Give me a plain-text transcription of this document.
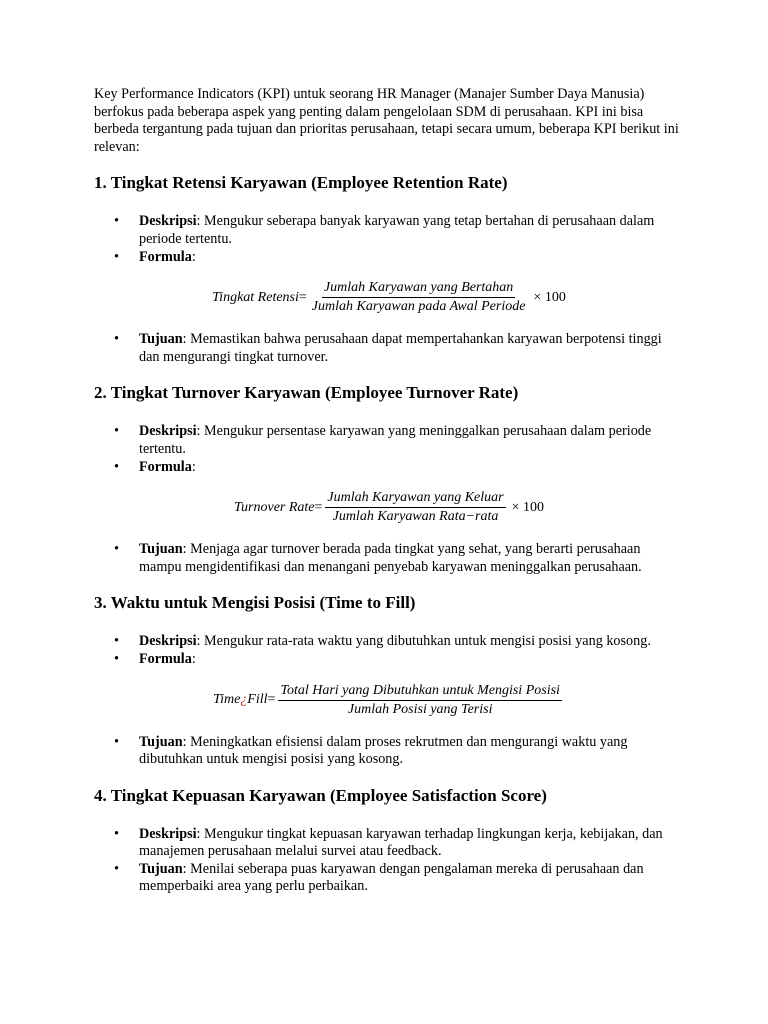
Key Performance Indicators (KPI) untuk seorang HR Manager (Manajer Sumber Daya Manusia) berfokus pada beberapa aspek yang penting dalam pengelolaan SDM di perusahaan. KPI ini bisa berbeda tergantung pada tujuan dan prioritas perusahaan, tetapi secara umum, beberapa KPI berikut ini relevan:

1. Tingkat Retensi Karyawan (Employee Retention Rate)
• Deskripsi: Mengukur seberapa banyak karyawan yang tetap bertahan di perusahaan dalam periode tertentu.
• Formula:
Tingkat Retensi = $\frac{\text{Jumlah Karyawan yang Bertahan}}{\text{Jumlah Karyawan pada Awal Periode}} \times 100$
• Tujuan: Memastikan bahwa perusahaan dapat mempertahankan karyawan berpotensi tinggi dan mengurangi tingkat turnover.
2. Tingkat Turnover Karyawan (Employee Turnover Rate)
• Deskripsi: Mengukur persentase karyawan yang meninggalkan perusahaan dalam periode tertentu.
• Formula:
Turnover Rate = $\frac{\text{Jumlah Karyawan yang Keluar}}{\text{Jumlah Karyawan Rata−rata}} \times 100$
• Tujuan: Menjaga agar turnover berada pada tingkat yang sehat, yang berarti perusahaan mampu mengidentifikasi dan menangani penyebab karyawan meninggalkan perusahaan.
3. Waktu untuk Mengisi Posisi (Time to Fill)
• Deskripsi: Mengukur rata-rata waktu yang dibutuhkan untuk mengisi posisi yang kosong.
• Formula:
Time ¿ Fill = $\frac{\text{Total Hari yang Dibutuhkan untuk Mengisi Posisi}}{\text{Jumlah Posisi yang Terisi}}$
• Tujuan: Meningkatkan efisiensi dalam proses rekrutmen dan mengurangi waktu yang dibutuhkan untuk mengisi posisi yang kosong.
4. Tingkat Kepuasan Karyawan (Employee Satisfaction Score)
• Deskripsi: Mengukur tingkat kepuasan karyawan terhadap lingkungan kerja, kebijakan, dan manajemen perusahaan melalui survei atau feedback.
• Tujuan: Menilai seberapa puas karyawan dengan pengalaman mereka di perusahaan dan memperbaiki area yang perlu perbaikan.
